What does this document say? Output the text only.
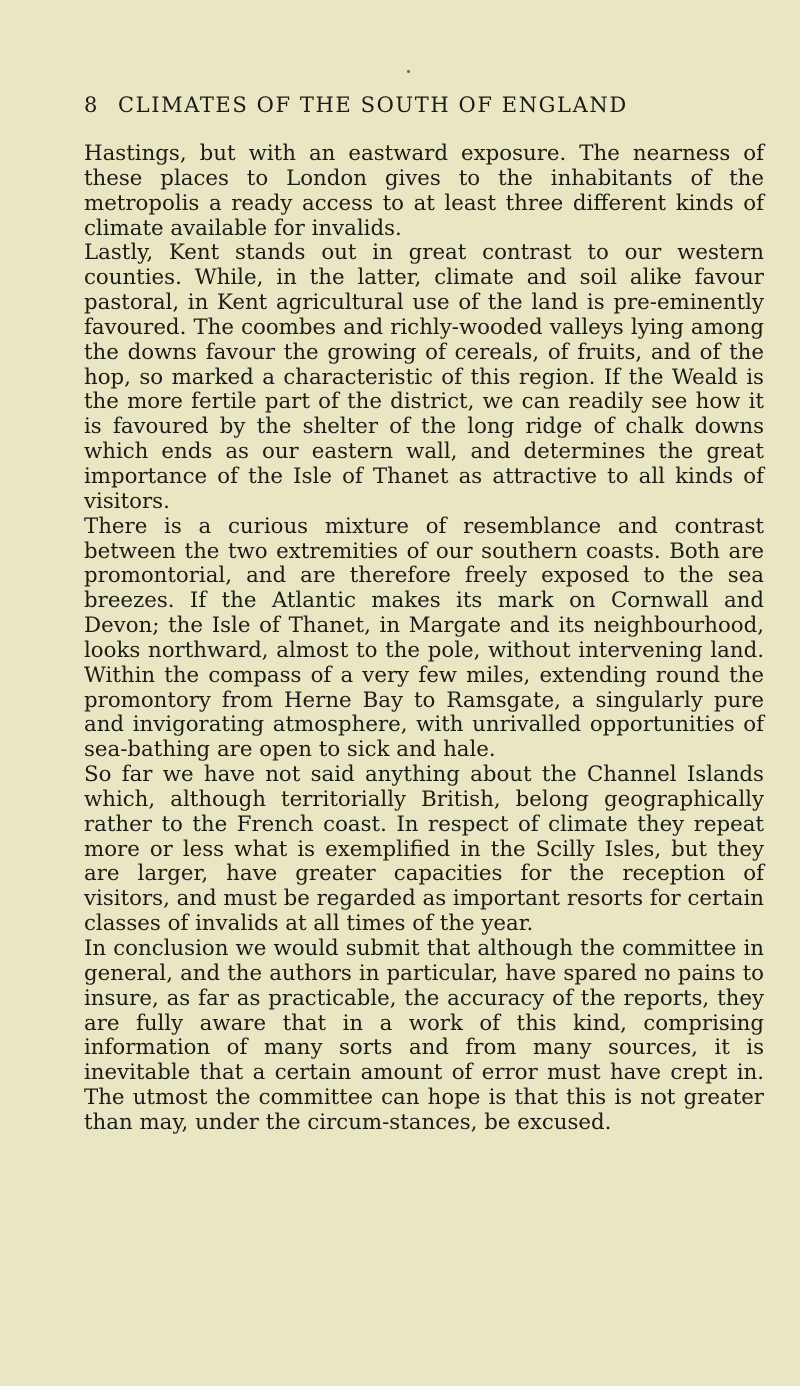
8 CLIMATES OF THE SOUTH OF ENGLAND

Hastings, but with an eastward exposure. The nearness of these places to London gives to the inhabitants of the metropolis a ready access to at least three different kinds of climate available for invalids.

Lastly, Kent stands out in great contrast to our western counties. While, in the latter, climate and soil alike favour pastoral, in Kent agricultural use of the land is pre-eminently favoured. The coombes and richly-wooded valleys lying among the downs favour the growing of cereals, of fruits, and of the hop, so marked a characteristic of this region. If the Weald is the more fertile part of the district, we can readily see how it is favoured by the shelter of the long ridge of chalk downs which ends as our eastern wall, and determines the great importance of the Isle of Thanet as attractive to all kinds of visitors.

There is a curious mixture of resemblance and contrast between the two extremities of our southern coasts. Both are promontorial, and are therefore freely exposed to the sea breezes. If the Atlantic makes its mark on Cornwall and Devon; the Isle of Thanet, in Margate and its neighbourhood, looks northward, almost to the pole, without intervening land. Within the compass of a very few miles, extending round the promontory from Herne Bay to Ramsgate, a singularly pure and invigorating atmosphere, with unrivalled opportunities of sea-bathing are open to sick and hale.

So far we have not said anything about the Channel Islands which, although territorially British, belong geographically rather to the French coast. In respect of climate they repeat more or less what is exemplified in the Scilly Isles, but they are larger, have greater capacities for the reception of visitors, and must be regarded as important resorts for certain classes of invalids at all times of the year.

In conclusion we would submit that although the committee in general, and the authors in particular, have spared no pains to insure, as far as practicable, the accuracy of the reports, they are fully aware that in a work of this kind, comprising information of many sorts and from many sources, it is inevitable that a certain amount of error must have crept in. The utmost the committee can hope is that this is not greater than may, under the circum-stances, be excused.
